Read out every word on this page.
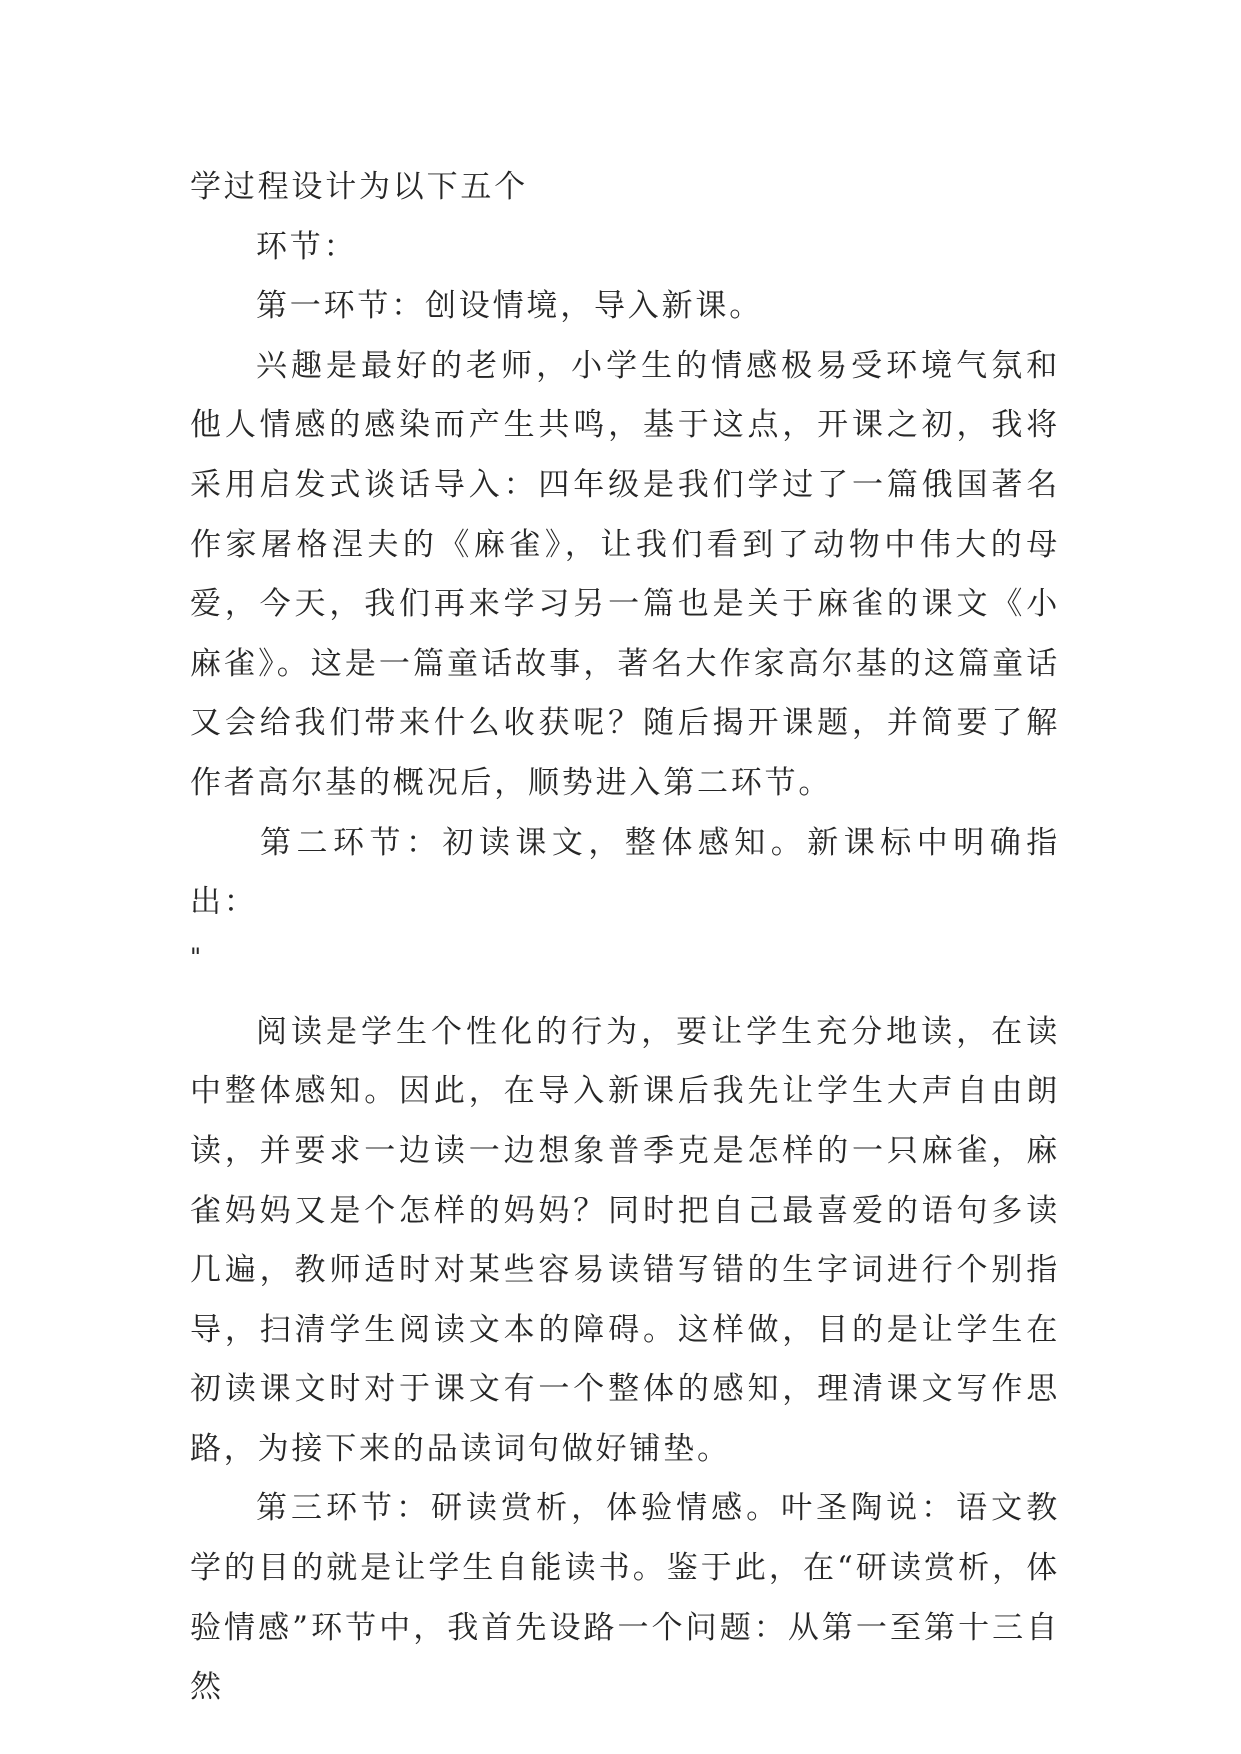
学过程设计为以下五个

环节：

第一环节：创设情境，导入新课。

兴趣是最好的老师，小学生的情感极易受环境气氛和他人情感的感染而产生共鸣，基于这点，开课之初，我将采用启发式谈话导入：四年级是我们学过了一篇俄国著名作家屠格涅夫的《麻雀》，让我们看到了动物中伟大的母爱，今天，我们再来学习另一篇也是关于麻雀的课文《小麻雀》。这是一篇童话故事，著名大作家高尔基的这篇童话又会给我们带来什么收获呢？随后揭开课题，并简要了解作者高尔基的概况后，顺势进入第二环节。

第二环节：初读课文，整体感知。新课标中明确指出：

"

阅读是学生个性化的行为，要让学生充分地读，在读中整体感知。因此，在导入新课后我先让学生大声自由朗读，并要求一边读一边想象普季克是怎样的一只麻雀，麻雀妈妈又是个怎样的妈妈？同时把自己最喜爱的语句多读几遍，教师适时对某些容易读错写错的生字词进行个别指导，扫清学生阅读文本的障碍。这样做，目的是让学生在初读课文时对于课文有一个整体的感知，理清课文写作思路，为接下来的品读词句做好铺垫。

第三环节：研读赏析，体验情感。叶圣陶说：语文教学的目的就是让学生自能读书。鉴于此，在“研读赏析，体验情感”环节中，我首先设路一个问题：从第一至第十三自然
